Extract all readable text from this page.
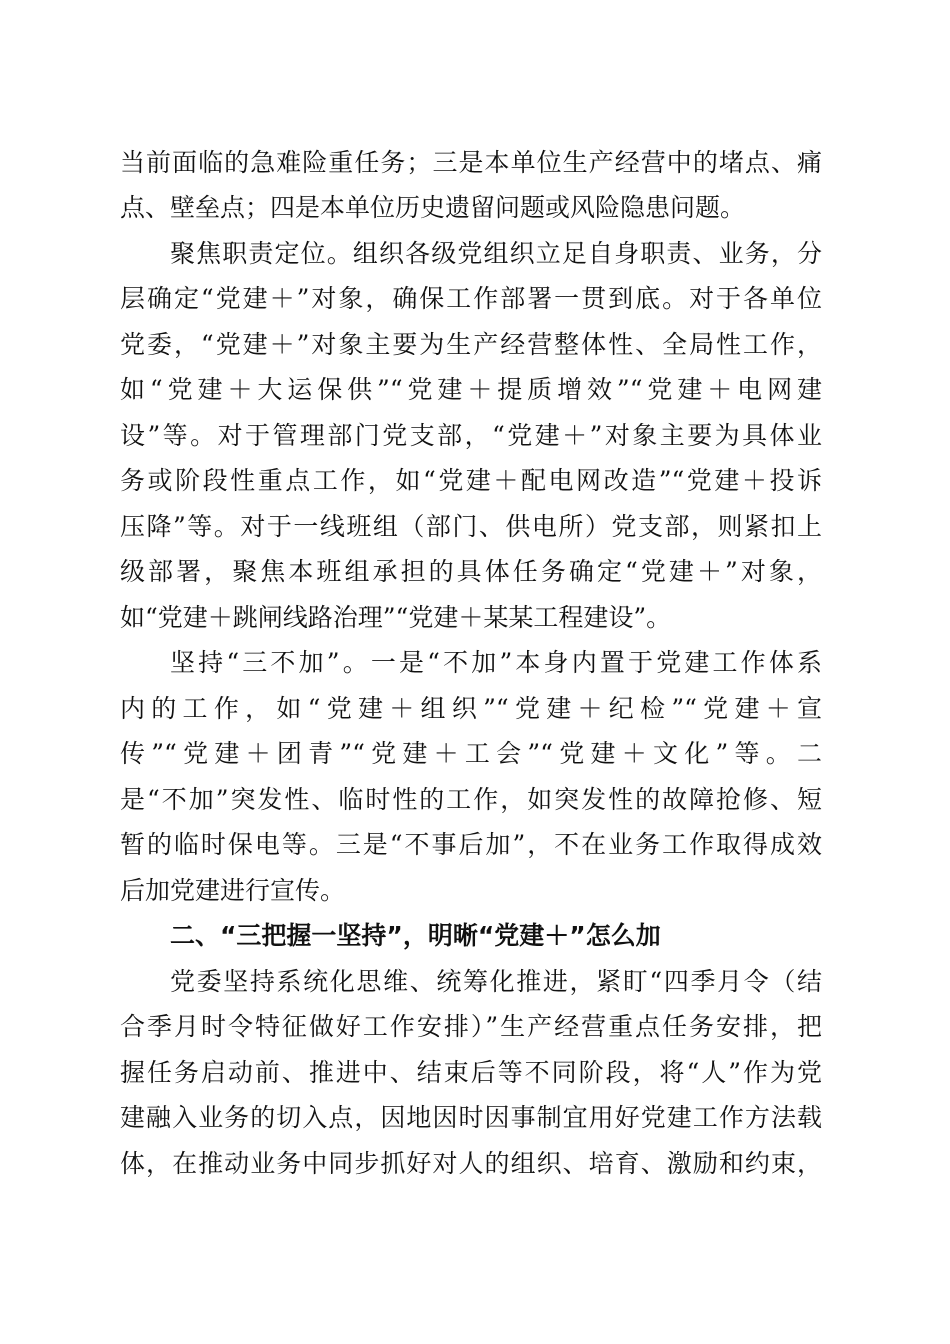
当前面临的急难险重任务；三是本单位生产经营中的堵点、痛
点、壁垒点；四是本单位历史遗留问题或风险隐患问题。
聚焦职责定位。组织各级党组织立足自身职责、业务，分
层确定“党建＋”对象，确保工作部署一贯到底。对于各单位
党委，“党建＋”对象主要为生产经营整体性、全局性工作，
如“党建＋大运保供”“党建＋提质增效”“党建＋电网建
设”等。对于管理部门党支部，“党建＋”对象主要为具体业
务或阶段性重点工作，如“党建＋配电网改造”“党建＋投诉
压降”等。对于一线班组（部门、供电所）党支部，则紧扣上
级部署，聚焦本班组承担的具体任务确定“党建＋”对象，
如“党建＋跳闸线路治理”“党建＋某某工程建设”。
坚持“三不加”。一是“不加”本身内置于党建工作体系
内的工作，如“党建＋组织”“党建＋纪检”“党建＋宣
传”“党建＋团青”“党建＋工会”“党建＋文化”等。二
是“不加”突发性、临时性的工作，如突发性的故障抢修、短
暂的临时保电等。三是“不事后加”，不在业务工作取得成效
后加党建进行宣传。
二、“三把握一坚持”，明晰“党建＋”怎么加
党委坚持系统化思维、统筹化推进，紧盯“四季月令（结
合季月时令特征做好工作安排）”生产经营重点任务安排，把
握任务启动前、推进中、结束后等不同阶段，将“人”作为党
建融入业务的切入点，因地因时因事制宜用好党建工作方法载
体，在推动业务中同步抓好对人的组织、培育、激励和约束，
